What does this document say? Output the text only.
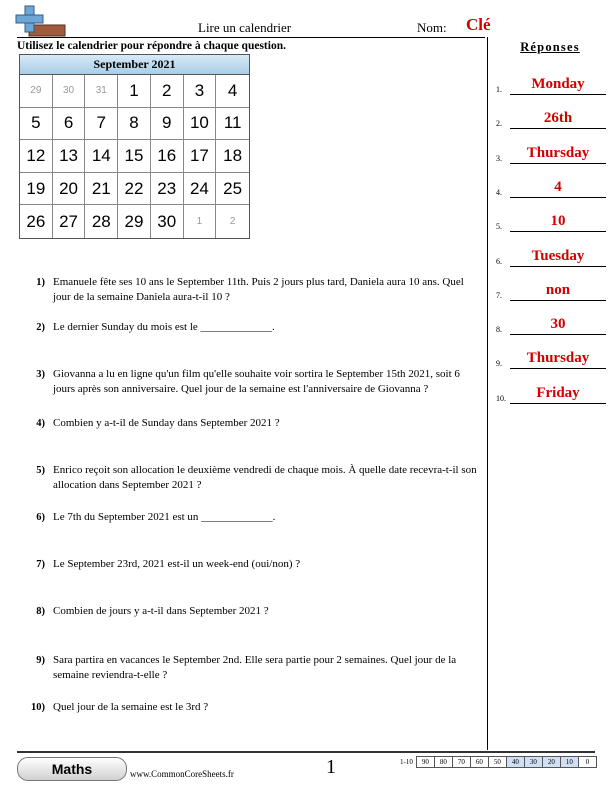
Lire un calendrier	Nom: Clé
Utilisez le calendrier pour répondre à chaque question.
September 2021
29	30	31	1	2	3	4
5	6	7	8	9	10 11
12 13 14 15 16 17 18
19 20 21 22 23 24 25
26 27 28 29 30	1	2
1) Emanuele fête ses 10 ans le September 11th. Puis 2 jours plus tard, Daniela aura 10 ans. Quel jour de la semaine Daniela aura-t-il 10 ?
2) Le dernier Sunday du mois est le _____________.
3) Giovanna a lu en ligne qu'un film qu'elle souhaite voir sortira le September 15th 2021, soit 6 jours après son anniversaire. Quel jour de la semaine est l'anniversaire de Giovanna ?
4) Combien y a-t-il de Sunday dans September 2021 ?
5) Enrico reçoit son allocation le deuxième vendredi de chaque mois. À quelle date recevra-t-il son allocation dans September 2021 ?
6) Le 7th du September 2021 est un _____________.
7) Le September 23rd, 2021 est-il un week-end (oui/non) ?
8) Combien de jours y a-t-il dans September 2021 ?
9) Sara partira en vacances le September 2nd. Elle sera partie pour 2 semaines. Quel jour de la semaine reviendra-t-elle ?
10) Quel jour de la semaine est le 3rd ?
Réponses
1.	Monday
2.	26th
3.	Thursday
4.	4
5.	10
6.	Tuesday
7.	non
8.	30
9.	Thursday
10.	Friday
Maths	www.CommonCoreSheets.fr	1	1-10	90	80	70	60	50	40	30	20	10	0
